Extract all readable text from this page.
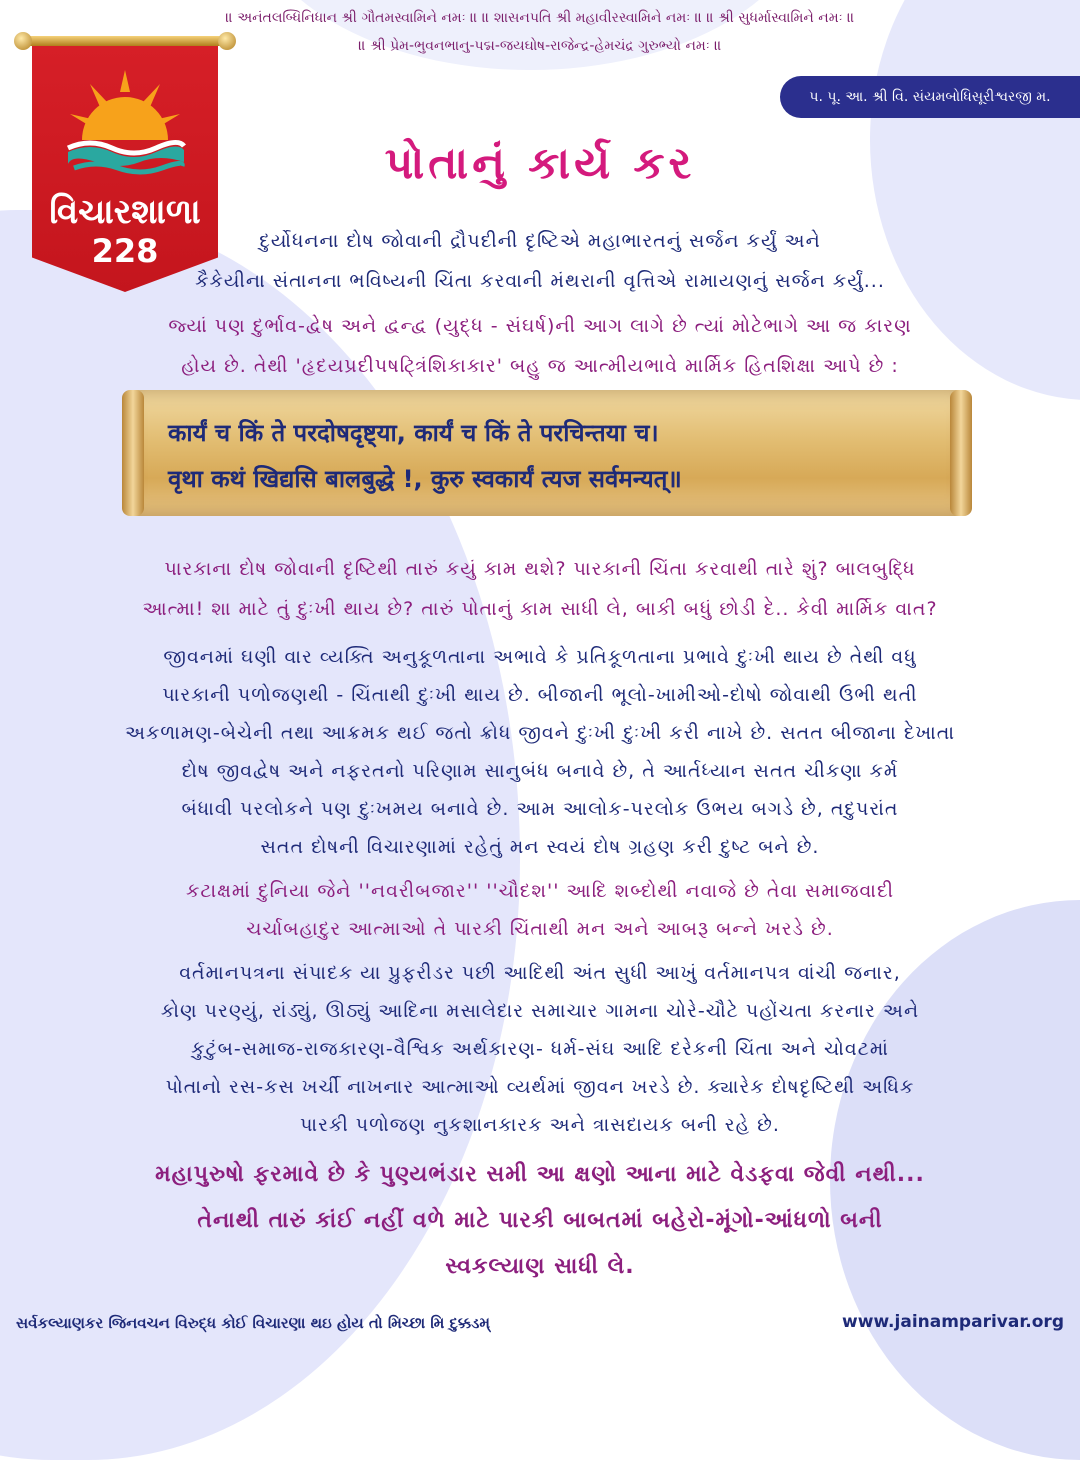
॥ અનંતલબ્ધિનિધાન શ્રી ગૌતમસ્વામિને નમઃ ॥ ॥ શાસનપતિ શ્રી મહાવીરસ્વામિને નમઃ ॥ ॥ શ્રી સુધર્માસ્વામિને નમઃ ॥
॥ શ્રી પ્રેમ-ભુવનભાનુ-પદ્મ-જયઘોષ-રાજેન્દ્ર-હેમચંદ્ર ગુરુભ્યો નમઃ ॥
પ. પૂ. આ. શ્રી વિ. સંયમબોધિસૂરીશ્વરજી મ.
વિચારશાળા
228
પોતાનું કાર્ય કર
દુર્યોધનના દોષ જોવાની દ્રૌપદીની દૃષ્ટિએ મહાભારતનું સર્જન કર્યું અને
કૈકેયીના સંતાનના ભવિષ્યની ચિંતા કરવાની મંથરાની વૃત્તિએ રામાયણનું સર્જન કર્યું...
જ્યાં પણ દુર્ભાવ-દ્વેષ અને દ્વન્દ્વ (યુદ્ધ - સંઘર્ષ)ની આગ લાગે છે ત્યાં મોટેભાગે આ જ કારણ
હોય છે. તેથી 'હૃદયપ્રદીપષટ્ત્રિંશિકાકાર' બહુ જ આત્મીયભાવે માર્મિક હિતશિક્ષા આપે છે :
कार्यं च किं ते परदोषदृष्ट्या, कार्यं च किं ते परचिन्तया च।
वृथा कथं खिद्यसि बालबुद्धे !, कुरु स्वकार्यं त्यज सर्वमन्यत्॥
પારકાના દોષ જોવાની દૃષ્ટિથી તારું કયું કામ થશે? પારકાની ચિંતા કરવાથી તારે શું? બાલબુદ્ધિ
આત્મા! શા માટે તું દુઃખી થાય છે? તારું પોતાનું કામ સાધી લે, બાકી બધું છોડી દે.. કેવી માર્મિક વાત?
જીવનમાં ઘણી વાર વ્યક્તિ અનુકૂળતાના અભાવે કે પ્રતિકૂળતાના પ્રભાવે દુઃખી થાય છે તેથી વધુ
પારકાની પળોજણથી - ચિંતાથી દુઃખી થાય છે. બીજાની ભૂલો-ખામીઓ-દોષો જોવાથી ઉભી થતી
અકળામણ-બેચેની તથા આક્રમક થઈ જતો ક્રોધ જીવને દુઃખી દુઃખી કરી નાખે છે. સતત બીજાના દેખાતા
દોષ જીવદ્વેષ અને નફરતનો પરિણામ સાનુબંધ બનાવે છે, તે આર્તધ્યાન સતત ચીકણા કર્મ
બંધાવી પરલોકને પણ દુઃખમય બનાવે છે. આમ આલોક-પરલોક ઉભય બગડે છે, તદુપરાંત
સતત દોષની વિચારણામાં રહેતું મન સ્વયં દોષ ગ્રહણ કરી દુષ્ટ બને છે.
કટાક્ષમાં દુનિયા જેને ''નવરીબજાર'' ''ચૌદશ'' આદિ શબ્દોથી નવાજે છે તેવા સમાજવાદી
ચર્ચાબહાદુર આત્માઓ તે પારકી ચિંતાથી મન અને આબરૂ બન્ને ખરડે છે.
વર્તમાનપત્રના સંપાદક યા પ્રુફરીડર પછી આદિથી અંત સુધી આખું વર્તમાનપત્ર વાંચી જનાર,
કોણ પરણ્યું, રાંડ્યું, ઊઠ્યું આદિના મસાલેદાર સમાચાર ગામના ચોરે-ચૌટે પહોંચતા કરનાર અને
કુટુંબ-સમાજ-રાજકારણ-વૈશ્વિક અર્થકારણ- ધર્મ-સંઘ આદિ દરેકની ચિંતા અને ચોવટમાં
પોતાનો રસ-કસ ખર્ચી નાખનાર આત્માઓ વ્યર્થમાં જીવન ખરડે છે. ક્યારેક દોષદૃષ્ટિથી અધિક
પારકી પળોજણ નુકશાનકારક અને ત્રાસદાયક બની રહે છે.
મહાપુરુષો ફરમાવે છે કે પુણ્યભંડાર સમી આ ક્ષણો આના માટે વેડફવા જેવી નથી...
તેનાથી તારું કાંઈ નહીં વળે માટે પારકી બાબતમાં બહેરો-મૂંગો-આંધળો બની
સ્વકલ્યાણ સાધી લે.
સર્વકલ્યાણકર જિનવચન વિરુદ્ધ કોઈ વિચારણા થઇ હોય તો મિચ્છા મિ દુક્કડમ્	www.jainamparivar.org
